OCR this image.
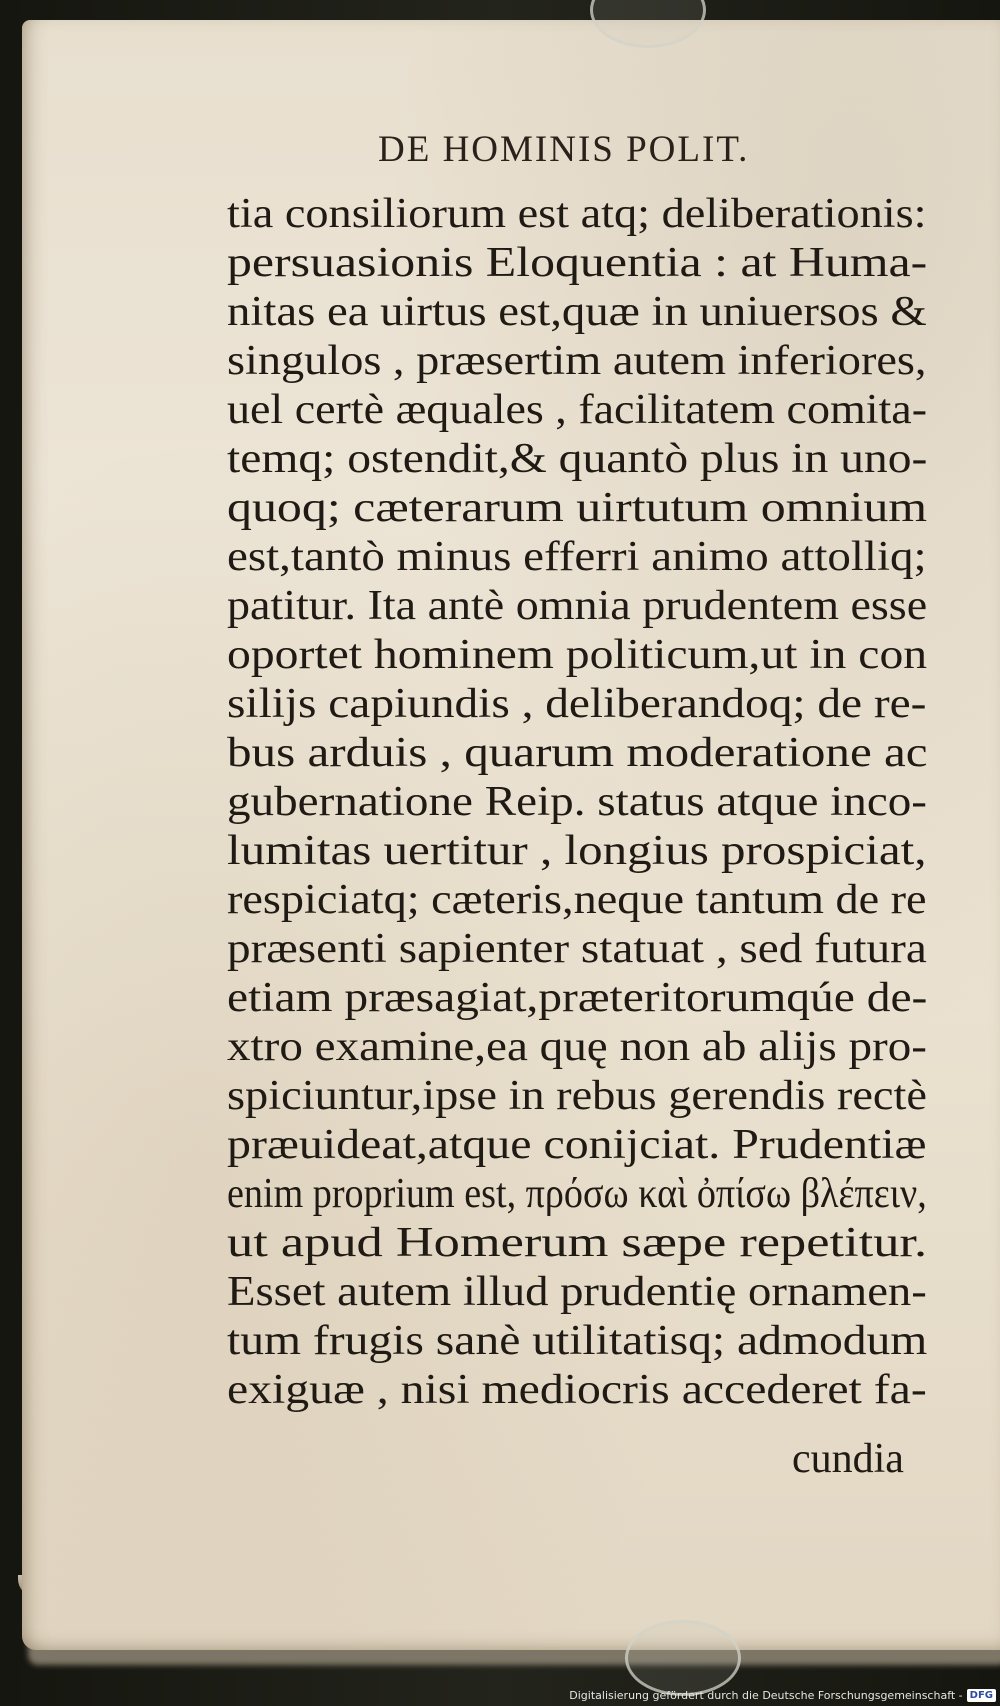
DE HOMINIS POLIT.
tia consiliorum est atq; deliberationis:
persuasionis Eloquentia : at Huma-
nitas ea uirtus est,quæ in uniuersos &
singulos , præsertim autem inferiores,
uel certè æquales , facilitatem comita-
temq; ostendit,& quantò plus in uno-
quoq; cæterarum uirtutum omnium
est,tantò minus efferri animo attolliq;
patitur. Ita antè omnia prudentem esse
oportet hominem politicum,ut in con
silijs capiundis , deliberandoq; de re-
bus arduis , quarum moderatione ac
gubernatione Reip. status atque inco-
lumitas uertitur , longius prospiciat,
respiciatq; cæteris,neque tantum de re
præsenti sapienter statuat , sed futura
etiam præsagiat,præteritorumqúe de-
xtro examine,ea quę non ab alijs pro-
spiciuntur,ipse in rebus gerendis rectè
præuideat,atque coniјciat. Prudentiæ
enim proprium est, πρόσω καὶ ὀπίσω βλέπειν,
ut apud Homerum sæpe repetitur.
Esset autem illud prudentię ornamen-
tum frugis sanè utilitatisq; admodum
exiguæ , nisi mediocris accederet fa-
cundia
Digitalisierung gefördert durch die Deutsche Forschungsgemeinschaft - DFG
